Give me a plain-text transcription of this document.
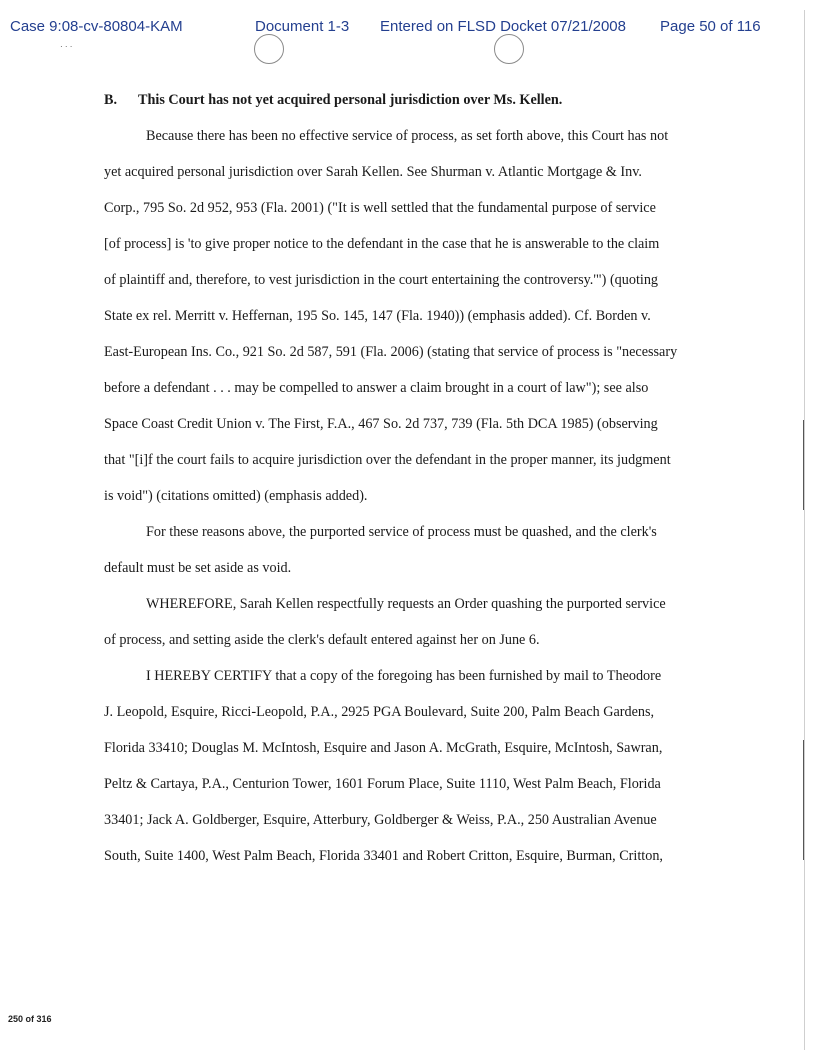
Case 9:08-cv-80804-KAM	Document 1-3 Entered on FLSD Docket 07/21/2008 Page 50 of 116
· · ·
B.      This Court has not yet acquired personal jurisdiction over Ms. Kellen.
Because there has been no effective service of process, as set forth above, this Court has not
yet acquired personal jurisdiction over Sarah Kellen. See Shurman v. Atlantic Mortgage & Inv.
Corp., 795 So. 2d 952, 953 (Fla. 2001) ("It is well settled that the fundamental purpose of service
[of process] is 'to give proper notice to the defendant in the case that he is answerable to the claim
of plaintiff and, therefore, to vest jurisdiction in the court entertaining the controversy.'") (quoting
State ex rel. Merritt v. Heffernan, 195 So. 145, 147 (Fla. 1940)) (emphasis added). Cf. Borden v.
East-European Ins. Co., 921 So. 2d 587, 591 (Fla. 2006) (stating that service of process is "necessary
before a defendant . . . may be compelled to answer a claim brought in a court of law"); see also
Space Coast Credit Union v. The First, F.A., 467 So. 2d 737, 739 (Fla. 5th DCA 1985) (observing
that "[i]f the court fails to acquire jurisdiction over the defendant in the proper manner, its judgment
is void") (citations omitted) (emphasis added).
For these reasons above, the purported service of process must be quashed, and the clerk's
default must be set aside as void.
WHEREFORE, Sarah Kellen respectfully requests an Order quashing the purported service
of process, and setting aside the clerk's default entered against her on June 6.
I HEREBY CERTIFY that a copy of the foregoing has been furnished by mail to Theodore
J. Leopold, Esquire, Ricci-Leopold, P.A., 2925 PGA Boulevard, Suite 200, Palm Beach Gardens,
Florida 33410; Douglas M. McIntosh, Esquire and Jason A. McGrath, Esquire, McIntosh, Sawran,
Peltz & Cartaya, P.A., Centurion Tower, 1601 Forum Place, Suite 1110, West Palm Beach, Florida
33401; Jack A. Goldberger, Esquire, Atterbury, Goldberger & Weiss, P.A., 250 Australian Avenue
South, Suite 1400, West Palm Beach, Florida 33401 and Robert Critton, Esquire, Burman, Critton,
250 of 316
